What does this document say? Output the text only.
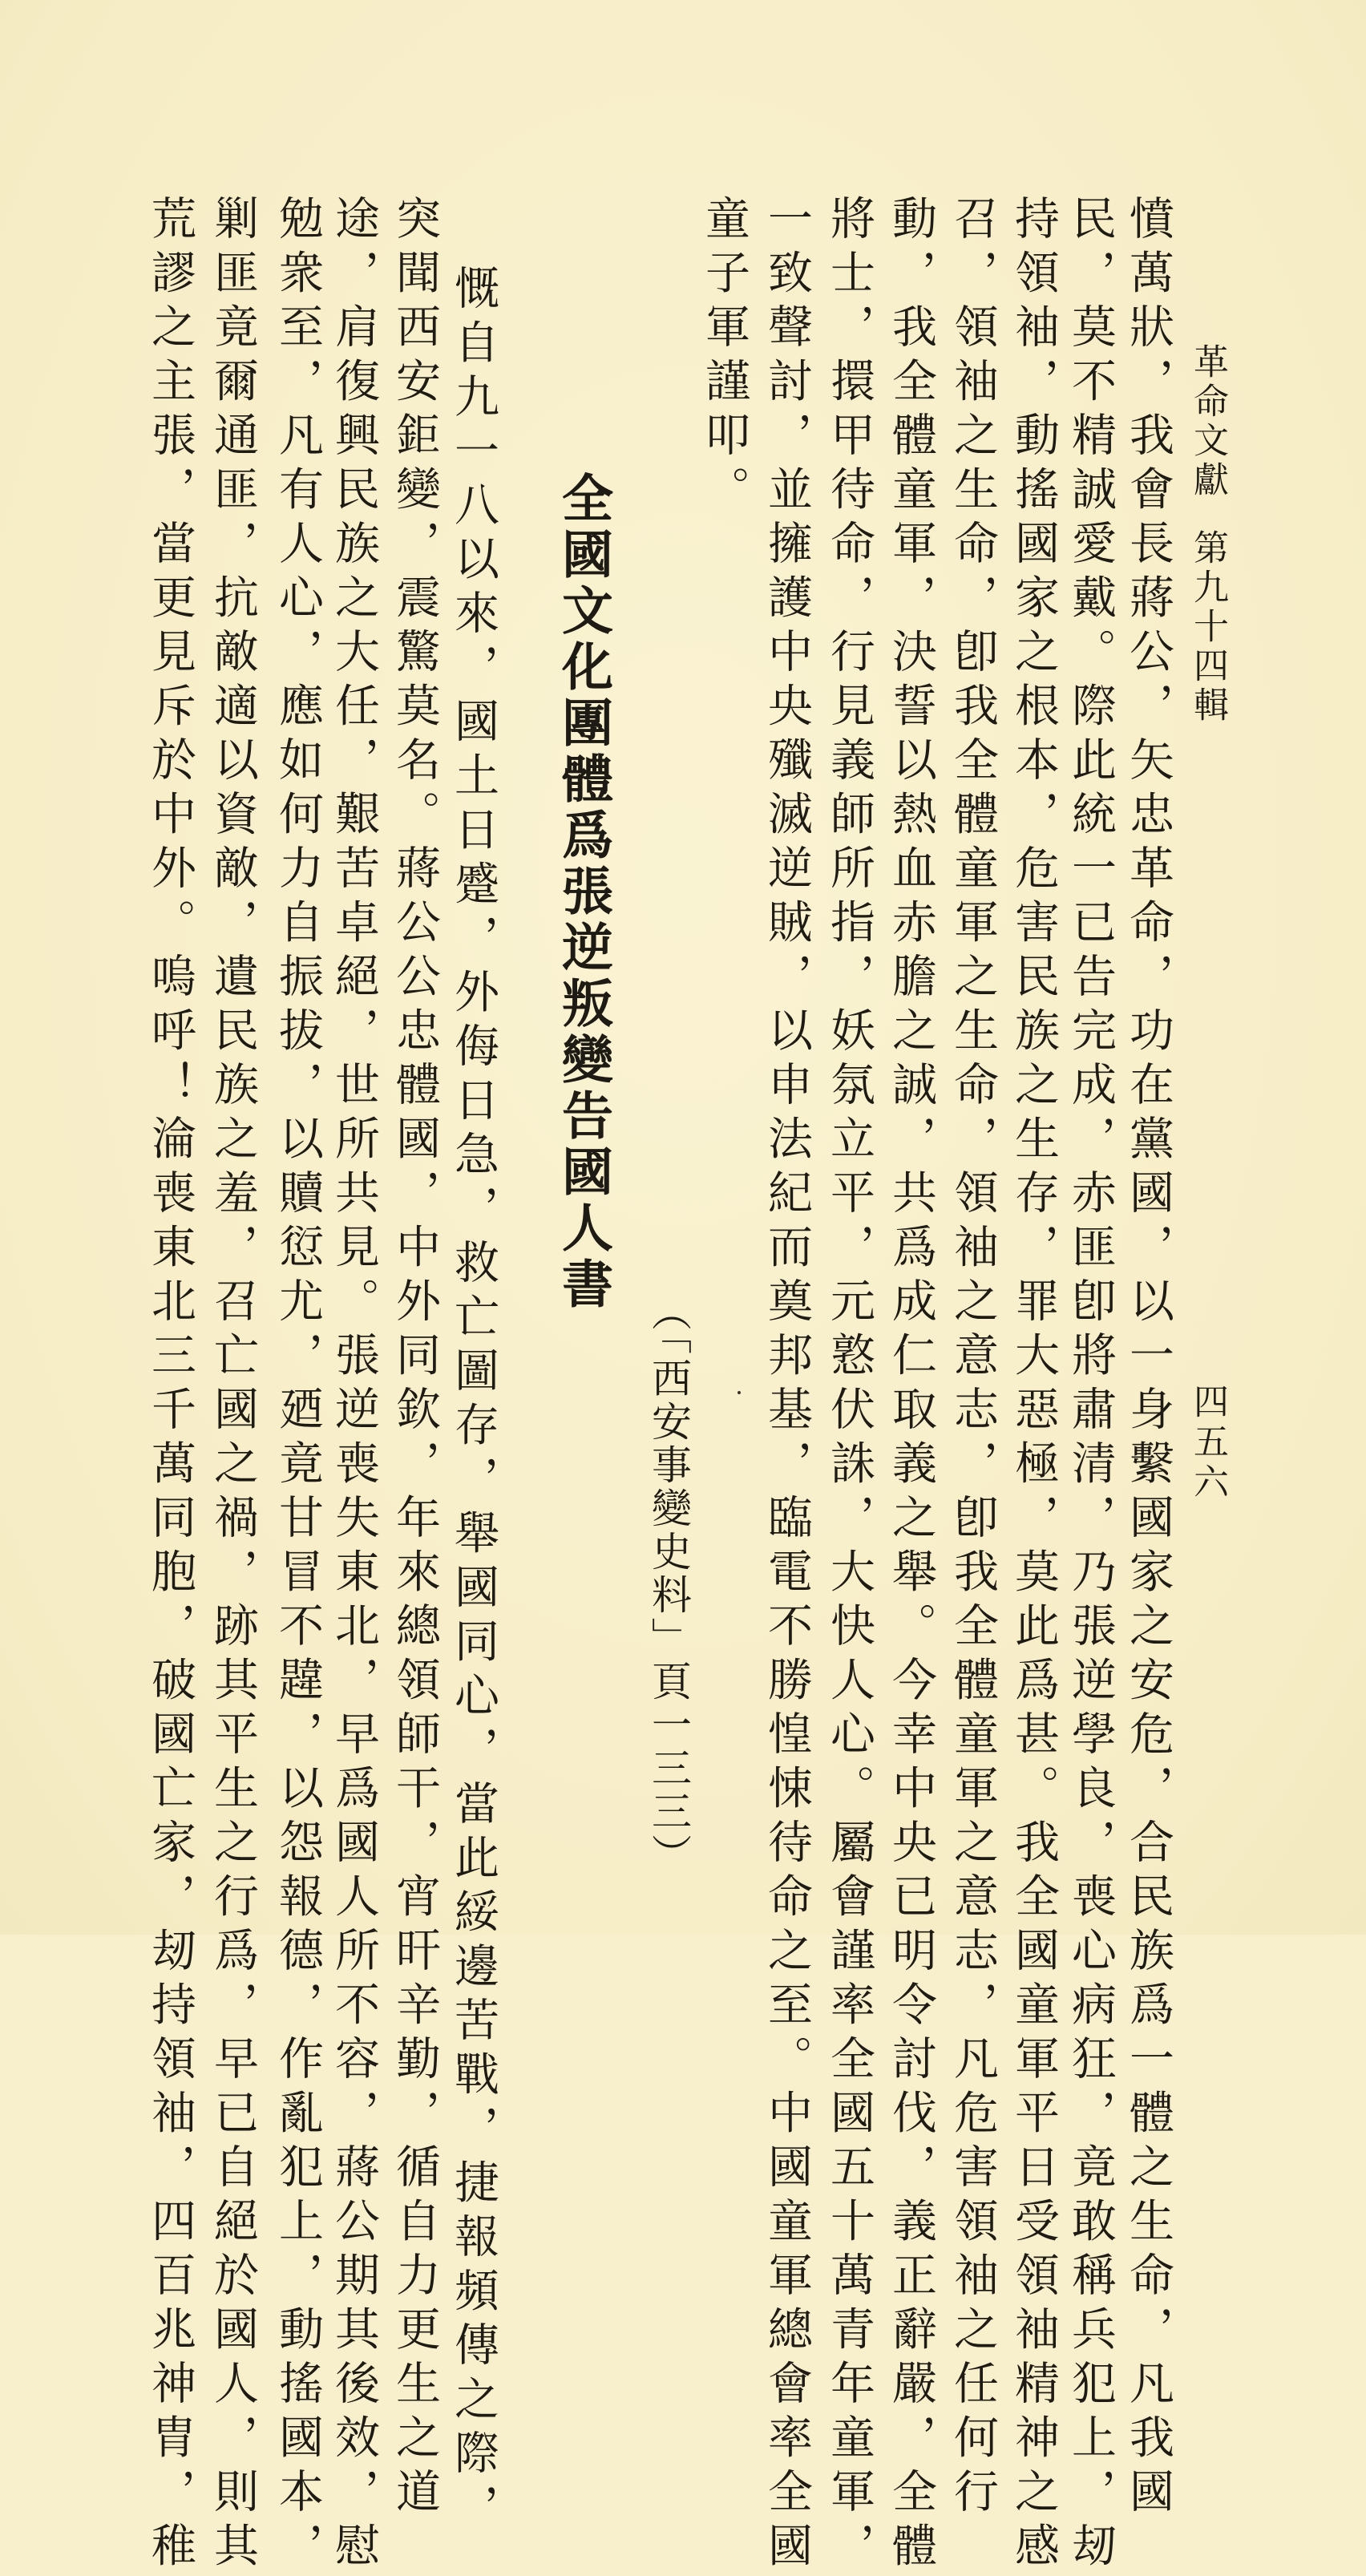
革命文獻第九十四輯
四五六
憤萬狀，我會長蔣公，矢忠革命，功在黨國，以一身繫國家之安危，合民族爲一體之生命，凡我國
民，莫不精誠愛戴。際此統一已告完成，赤匪卽將肅清，乃張逆學良，喪心病狂，竟敢稱兵犯上，刼
持領袖，動搖國家之根本，危害民族之生存，罪大惡極，莫此爲甚。我全國童軍平日受領袖精神之感
召，領袖之生命，卽我全體童軍之生命，領袖之意志，卽我全體童軍之意志，凡危害領袖之任何行
動，我全體童軍，決誓以熱血赤膽之誠，共爲成仁取義之舉。今幸中央已明令討伐，義正辭嚴，全體
將士，擐甲待命，行見義師所指，妖氛立平，元憝伏誅，大快人心。屬會謹率全國五十萬青年童軍，
一致聲討，並擁護中央殲滅逆賊，以申法紀而奠邦基，臨電不勝惶悚待命之至。中國童軍總會率全國
童子軍謹叩。
（「西安事變史料」頁一三三）
全國文化團體爲張逆叛變告國人書
慨自九一八以來，國土日蹙，外侮日急，救亡圖存，舉國同心，當此綏邊苦戰，捷報頻傳之際，
突聞西安鉅變，震驚莫名。蔣公公忠體國，中外同欽，年來總領師干，宵旰辛勤，循自力更生之道
途，肩復興民族之大任，艱苦卓絕，世所共見。張逆喪失東北，早爲國人所不容，蔣公期其後效，慰
勉衆至，凡有人心，應如何力自振拔，以贖愆尤，廼竟甘冒不韙，以怨報德，作亂犯上，動搖國本，
剿匪竟爾通匪，抗敵適以資敵，遺民族之羞，召亡國之禍，跡其平生之行爲，早已自絕於國人，則其
荒謬之主張，當更見斥於中外。嗚呼！淪喪東北三千萬同胞，破國亡家，刼持領袖，四百兆神胄，稚
